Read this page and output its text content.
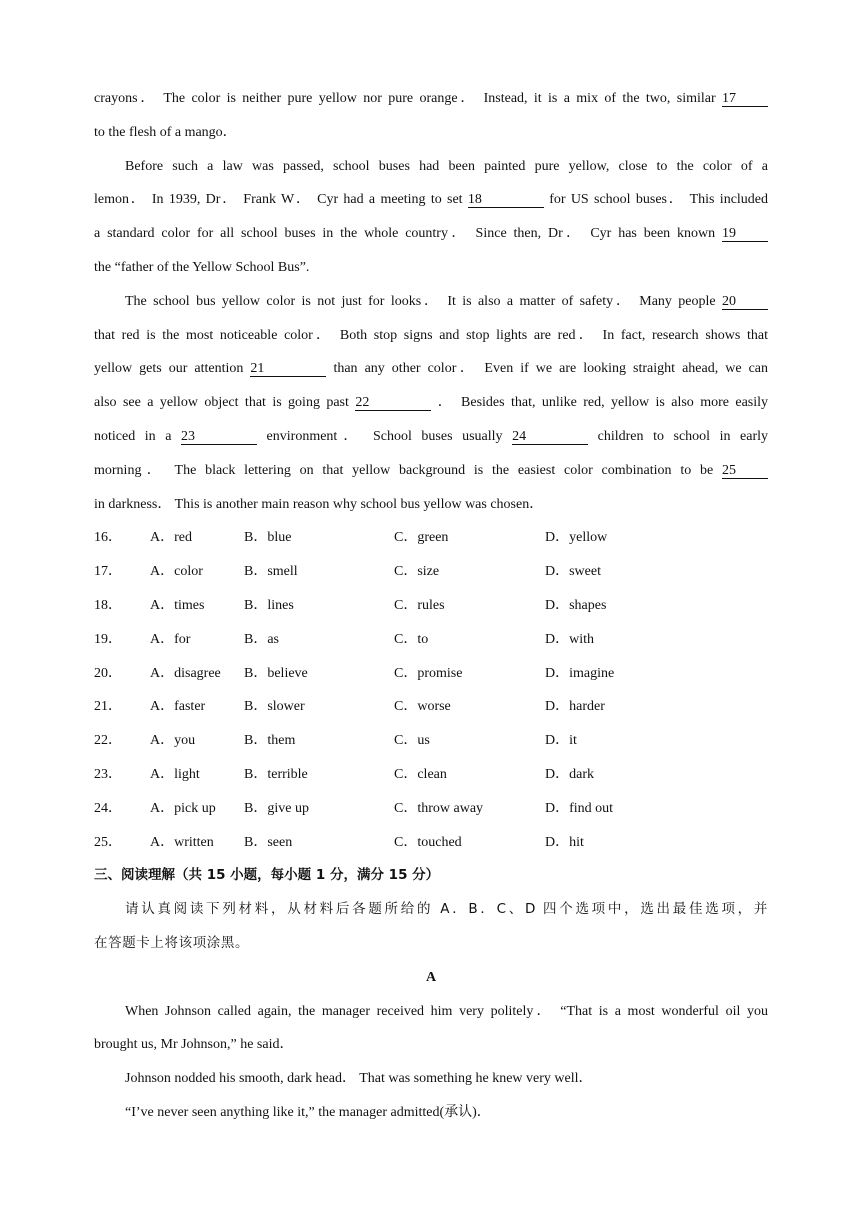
crayons． The color is neither pure yellow nor pure orange． Instead, it is a mix of the two, similar 17
to the flesh of a mango．
Before such a law was passed, school buses had been painted pure yellow, close to the color of a
lemon． In 1939, Dr． Frank W． Cyr had a meeting to set 18	for US school buses． This included
a standard color for all school buses in the whole country． Since then, Dr． Cyr has been known 19
the “father of the Yellow School Bus”.
The school bus yellow color is not just for looks． It is also a matter of safety． Many people 20
that red is the most noticeable color． Both stop signs and stop lights are red． In fact, research shows that
yellow gets our attention 21	than any other color． Even if we are looking straight ahead, we can
also see a yellow object that is going past 22	． Besides that, unlike red, yellow is also more easily
noticed in a 23	environment． School buses usually 24	children to school in early
morning． The black lettering on that yellow background is the easiest color combination to be 25
in darkness． This is another main reason why school bus yellow was chosen．
16．	A．red	B．blue	C．green	D．yellow
17．	A．color	B．smell	C．size	D．sweet
18．	A．times	B．lines	C．rules	D．shapes
19．	A．for	B．as	C．to	D．with
20．	A．disagree	B．believe	C．promise	D．imagine
21．	A．faster	B．slower	C．worse	D．harder
22．	A．you	B．them	C．us	D．it
23．	A．light	B．terrible	C．clean	D．dark
24．	A．pick up	B．give up	C．throw away	D．find out
25．	A．written	B．seen	C．touched	D．hit
三、阅读理解（共 15 小题，每小题 1 分，满分 15 分）
请认真阅读下列材料，从材料后各题所给的 A．B．C、D 四个选项中，选出最佳选项，并
在答题卡上将该项涂黑。
A
When Johnson called again, the manager received him very politely． “That is a most wonderful oil you
brought us, Mr Johnson,” he said．
Johnson nodded his smooth, dark head． That was something he knew very well．
“I’ve never seen anything like it,” the manager admitted(承认)．
